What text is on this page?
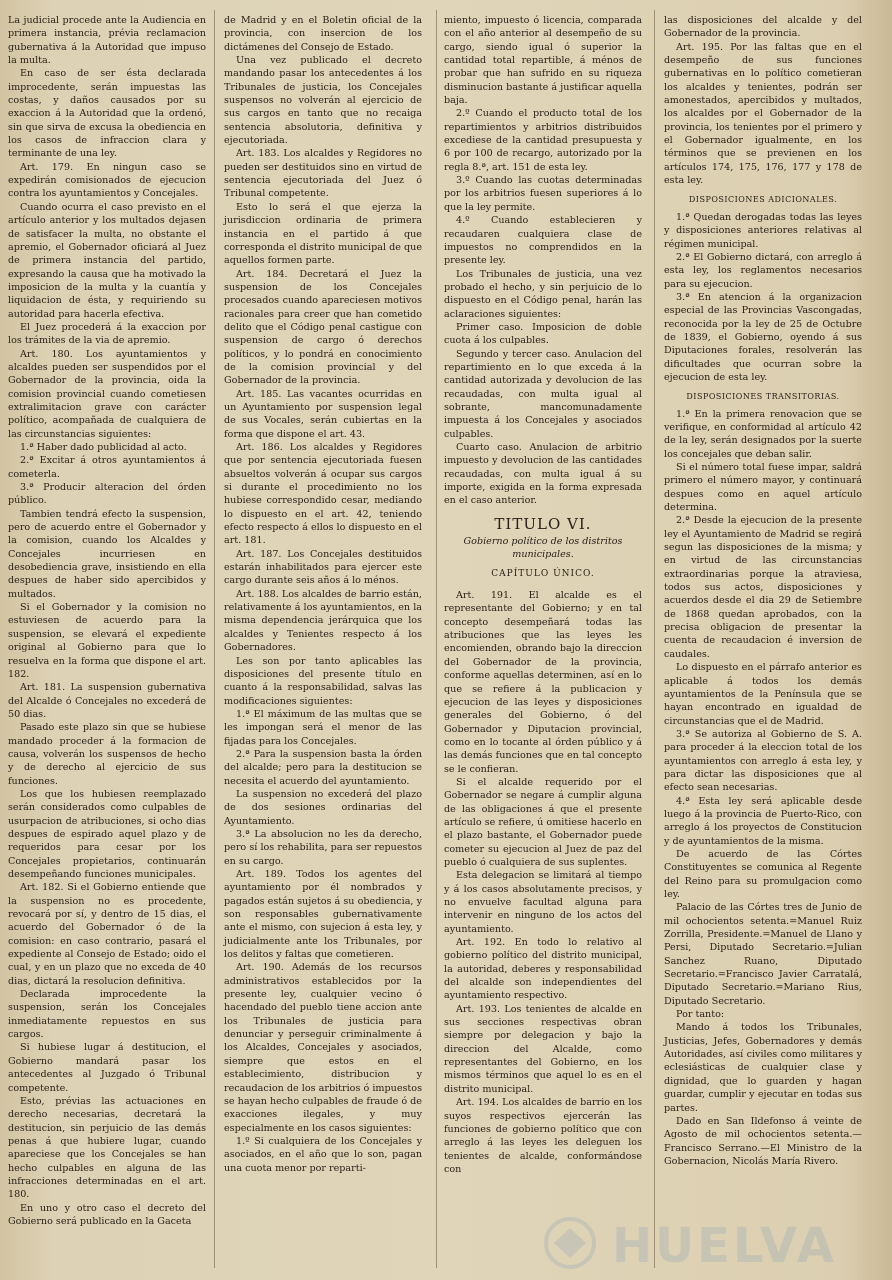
La judicial procede ante la Audiencia en primera instancia, prévia reclamacion gubernativa á la Autoridad que impuso la multa.

En caso de ser ésta declarada improcedente, serán impuestas las costas, y daños causados por su exaccion á la Autoridad que la ordenó, sin que sirva de excusa la obediencia en los casos de infraccion clara y terminante de una ley.

Art. 179. En ningun caso se expedirán comisionados de ejecucion contra los ayuntamientos y Concejales.

Cuando ocurra el caso previsto en el artículo anterior y los multados dejasen de satisfacer la multa, no obstante el apremio, el Gobernador oficiará al Juez de primera instancia del partido, expresando la causa que ha motivado la imposicion de la multa y la cuantía y liquidacion de ésta, y requiriendo su autoridad para hacerla efectiva.

El Juez procederá á la exaccion por los trámites de la via de apremio.

Art. 180. Los ayuntamientos y alcaldes pueden ser suspendidos por el Gobernador de la provincia, oida la comision provincial cuando cometiesen extralimitacion grave con carácter político, acompañada de cualquiera de las circunstancias siguientes:

1.ª Haber dado publicidad al acto.

2.ª Excitar á otros ayuntamientos á cometerla.

3.ª Producir alteracion del órden público.

Tambien tendrá efecto la suspension, pero de acuerdo entre el Gobernador y la comision, cuando los Alcaldes y Concejales incurriesen en desobediencia grave, insistiendo en ella despues de haber sido apercibidos y multados.

Si el Gobernador y la comision no estuviesen de acuerdo para la suspension, se elevará el expediente original al Gobierno para que lo resuelva en la forma que dispone el art. 182.

Art. 181. La suspension gubernativa del Alcalde ó Concejales no excederá de 50 dias.

Pasado este plazo sin que se hubiese mandado proceder á la formacion de causa, volverán los suspensos de hecho y de derecho al ejercicio de sus funciones.

Los que los hubiesen reemplazado serán considerados como culpables de usurpacion de atribuciones, si ocho dias despues de espirado aquel plazo y de requeridos para cesar por los Concejales propietarios, continuarán desempeñando funciones municipales.

Art. 182. Si el Gobierno entiende que la suspension no es procedente, revocará por sí, y dentro de 15 dias, el acuerdo del Gobernador ó de la comision: en caso contrario, pasará el expediente al Consejo de Estado; oido el cual, y en un plazo que no exceda de 40 dias, dictará la resolucion definitiva.

Declarada improcedente la suspension, serán los Concejales inmediatamente repuestos en sus cargos.

Si hubiese lugar á destitucion, el Gobierno mandará pasar los antecedentes al Juzgado ó Tribunal competente.

Esto, prévias las actuaciones en derecho necesarias, decretará la destitucion, sin perjuicio de las demás penas á que hubiere lugar, cuando apareciese que los Concejales se han hecho culpables en alguna de las infracciones determinadas en el art. 180.

En uno y otro caso el decreto del Gobierno será publicado en la Gaceta

de Madrid y en el Boletin oficial de la provincia, con insercion de los dictámenes del Consejo de Estado.

Una vez publicado el decreto mandando pasar los antecedentes á los Tribunales de justicia, los Concejales suspensos no volverán al ejercicio de sus cargos en tanto que no recaiga sentencia absolutoria, definitiva y ejecutoriada.

Art. 183. Los alcaldes y Regidores no pueden ser destituidos sino en virtud de sentencia ejecutoriada del Juez ó Tribunal competente.

Esto lo será el que ejerza la jurisdiccion ordinaria de primera instancia en el partido á que corresponda el distrito municipal de que aquellos formen parte.

Art. 184. Decretará el Juez la suspension de los Concejales procesados cuando apareciesen motivos racionales para creer que han cometido delito que el Código penal castigue con suspension de cargo ó derechos políticos, y lo pondrá en conocimiento de la comision provincial y del Gobernador de la provincia.

Art. 185. Las vacantes ocurridas en un Ayuntamiento por suspension legal de sus Vocales, serán cubiertas en la forma que dispone el art. 43.

Art. 186. Los alcaldes y Regidores que por sentencia ejecutoriada fuesen absueltos volverán á ocupar sus cargos si durante el procedimiento no los hubiese correspondido cesar, mediando lo dispuesto en el art. 42, teniendo efecto respecto á ellos lo dispuesto en el art. 181.

Art. 187. Los Concejales destituidos estarán inhabilitados para ejercer este cargo durante seis años á lo ménos.

Art. 188. Los alcaldes de barrio están, relativamente á los ayuntamientos, en la misma dependencia jerárquica que los alcaldes y Tenientes respecto á los Gobernadores.

Les son por tanto aplicables las disposiciones del presente título en cuanto á la responsabilidad, salvas las modificaciones siguientes:

1.ª El máximum de las multas que se les impongan será el menor de las fijadas para los Concejales.

2.ª Para la suspension basta la órden del alcalde; pero para la destitucion se necesita el acuerdo del ayuntamiento.

La suspension no excederá del plazo de dos sesiones ordinarias del Ayuntamiento.

3.ª La absolucion no les da derecho, pero sí los rehabilita, para ser repuestos en su cargo.

Art. 189. Todos los agentes del ayuntamiento por él nombrados y pagados están sujetos á su obediencia, y son responsables gubernativamente ante el mismo, con sujecion á esta ley, y judicialmente ante los Tribunales, por los delitos y faltas que cometieren.

Art. 190. Además de los recursos administrativos establecidos por la presente ley, cualquier vecino ó hacendado del pueblo tiene accion ante los Tribunales de justicia para denunciar y perseguir criminalmente á los Alcaldes, Concejales y asociados, siempre que estos en el establecimiento, distribucion y recaudacion de los arbitrios ó impuestos se hayan hecho culpables de fraude ó de exacciones ilegales, y muy especialmente en los casos siguientes:

1.º Si cualquiera de los Concejales y asociados, en el año que lo son, pagan una cuota menor por reparti-

miento, impuesto ó licencia, comparada con el año anterior al desempeño de su cargo, siendo igual ó superior la cantidad total repartible, á ménos de probar que han sufrido en su riqueza disminucion bastante á justificar aquella baja.

2.º Cuando el producto total de los repartimientos y arbitrios distribuidos excediese de la cantidad presupuesta y 6 por 100 de recargo, autorizado por la regla 8.ª, art. 151 de esta ley.

3.º Cuando las cuotas determinadas por los arbitrios fuesen superiores á lo que la ley permite.

4.º Cuando establecieren y recaudaren cualquiera clase de impuestos no comprendidos en la presente ley.

Los Tribunales de justicia, una vez probado el hecho, y sin perjuicio de lo dispuesto en el Código penal, harán las aclaraciones siguientes:

Primer caso. Imposicion de doble cuota á los culpables.

Segundo y tercer caso. Anulacion del repartimiento en lo que exceda á la cantidad autorizada y devolucion de las recaudadas, con multa igual al sobrante, mancomunadamente impuesta á los Concejales y asociados culpables.

Cuarto caso. Anulacion de arbitrio impuesto y devolucion de las cantidades recaudadas, con multa igual á su importe, exigida en la forma expresada en el caso anterior.

TITULO VI.
Gobierno político de los distritos municipales.
CAPÍTULO ÚNICO.

Art. 191. El alcalde es el representante del Gobierno; y en tal concepto desempeñará todas las atribuciones que las leyes les encomienden, obrando bajo la direccion del Gobernador de la provincia, conforme aquellas determinen, así en lo que se refiere á la publicacion y ejecucion de las leyes y disposiciones generales del Gobierno, ó del Gobernador y Diputacion provincial, como en lo tocante al órden público y á las demás funciones que en tal concepto se le confieran.

Si el alcalde requerido por el Gobernador se negare á cumplir alguna de las obligaciones á que el presente artículo se refiere, ú omitiese hacerlo en el plazo bastante, el Gobernador puede cometer su ejecucion al Juez de paz del pueblo ó cualquiera de sus suplentes.

Esta delegacion se limitará al tiempo y á los casos absolutamente precisos, y no envuelve facultad alguna para intervenir en ninguno de los actos del ayuntamiento.

Art. 192. En todo lo relativo al gobierno político del distrito municipal, la autoridad, deberes y responsabilidad del alcalde son independientes del ayuntamiento respectivo.

Art. 193. Los tenientes de alcalde en sus secciones respectivas obran siempre por delegacion y bajo la direccion del Alcalde, como representantes del Gobierno, en los mismos términos que aquel lo es en el distrito municipal.

Art. 194. Los alcaldes de barrio en los suyos respectivos ejercerán las funciones de gobierno político que con arreglo á las leyes les deleguen los tenientes de alcalde, conformándose con

las disposiciones del alcalde y del Gobernador de la provincia.

Art. 195. Por las faltas que en el desempeño de sus funciones gubernativas en lo político cometieran los alcaldes y tenientes, podrán ser amonestados, apercibidos y multados, los alcaldes por el Gobernador de la provincia, los tenientes por el primero y el Gobernador igualmente, en los términos que se previenen en los artículos 174, 175, 176, 177 y 178 de esta ley.

DISPOSICIONES ADICIONALES.

1.ª Quedan derogadas todas las leyes y disposiciones anteriores relativas al régimen municipal.

2.ª El Gobierno dictará, con arreglo á esta ley, los reglamentos necesarios para su ejecucion.

3.ª En atencion á la organizacion especial de las Provincias Vascongadas, reconocida por la ley de 25 de Octubre de 1839, el Gobierno, oyendo á sus Diputaciones forales, resolverán las dificultades que ocurran sobre la ejecucion de esta ley.

DISPOSICIONES TRANSITORIAS.

1.ª En la primera renovacion que se verifique, en conformidad al artículo 42 de la ley, serán designados por la suerte los concejales que deban salir.

Si el número total fuese impar, saldrá primero el número mayor, y continuará despues como en aquel artículo determina.

2.ª Desde la ejecucion de la presente ley el Ayuntamiento de Madrid se regirá segun las disposiciones de la misma; y en virtud de las circunstancias extraordinarias porque la atraviesa, todos sus actos, disposiciones y acuerdos desde el dia 29 de Setiembre de 1868 quedan aprobados, con la precisa obligacion de presentar la cuenta de recaudacion é inversion de caudales.

Lo dispuesto en el párrafo anterior es aplicable á todos los demás ayuntamientos de la Península que se hayan encontrado en igualdad de circunstancias que el de Madrid.

3.ª Se autoriza al Gobierno de S. A. para proceder á la eleccion total de los ayuntamientos con arreglo á esta ley, y para dictar las disposiciones que al efecto sean necesarias.

4.ª Esta ley será aplicable desde luego á la provincia de Puerto-Rico, con arreglo á los proyectos de Constitucion y de ayuntamientos de la misma.

De acuerdo de las Córtes Constituyentes se comunica al Regente del Reino para su promulgacion como ley.

Palacio de las Córtes tres de Junio de mil ochocientos setenta.=Manuel Ruiz Zorrilla, Presidente.=Manuel de Llano y Persi, Diputado Secretario.=Julian Sanchez Ruano, Diputado Secretario.=Francisco Javier Carratalá, Diputado Secretario.=Mariano Rius, Diputado Secretario.

Por tanto:

Mando á todos los Tribunales, Justicias, Jefes, Gobernadores y demás Autoridades, así civiles como militares y eclesiásticas de cualquier clase y dignidad, que lo guarden y hagan guardar, cumplir y ejecutar en todas sus partes.

Dado en San Ildefonso á veinte de Agosto de mil ochocientos setenta.—Francisco Serrano.—El Ministro de la Gobernacion, Nicolás María Rivero.

HUELVA
